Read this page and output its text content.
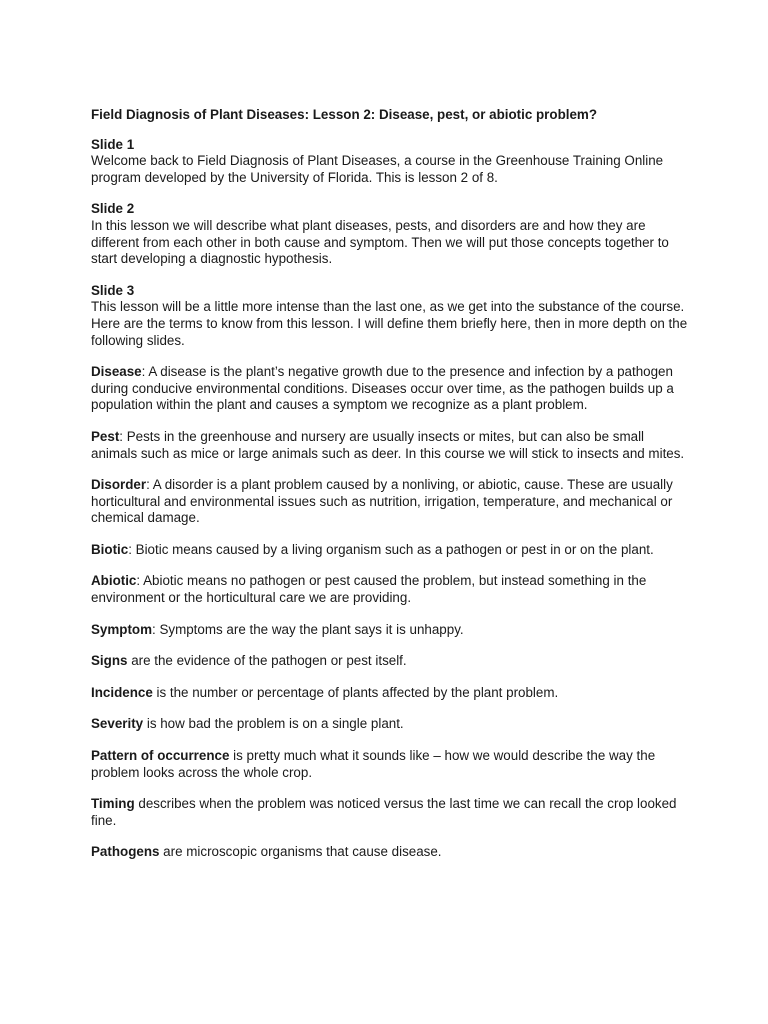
Field Diagnosis of Plant Diseases: Lesson 2: Disease, pest, or abiotic problem?
Slide 1
Welcome back to Field Diagnosis of Plant Diseases, a course in the Greenhouse Training Online program developed by the University of Florida. This is lesson 2 of 8.
Slide 2
In this lesson we will describe what plant diseases, pests, and disorders are and how they are different from each other in both cause and symptom. Then we will put those concepts together to start developing a diagnostic hypothesis.
Slide 3
This lesson will be a little more intense than the last one, as we get into the substance of the course. Here are the terms to know from this lesson. I will define them briefly here, then in more depth on the following slides.
Disease: A disease is the plant’s negative growth due to the presence and infection by a pathogen during conducive environmental conditions. Diseases occur over time, as the pathogen builds up a population within the plant and causes a symptom we recognize as a plant problem.
Pest: Pests in the greenhouse and nursery are usually insects or mites, but can also be small animals such as mice or large animals such as deer. In this course we will stick to insects and mites.
Disorder: A disorder is a plant problem caused by a nonliving, or abiotic, cause. These are usually horticultural and environmental issues such as nutrition, irrigation, temperature, and mechanical or chemical damage.
Biotic: Biotic means caused by a living organism such as a pathogen or pest in or on the plant.
Abiotic: Abiotic means no pathogen or pest caused the problem, but instead something in the environment or the horticultural care we are providing.
Symptom: Symptoms are the way the plant says it is unhappy.
Signs are the evidence of the pathogen or pest itself.
Incidence is the number or percentage of plants affected by the plant problem.
Severity is how bad the problem is on a single plant.
Pattern of occurrence is pretty much what it sounds like – how we would describe the way the problem looks across the whole crop.
Timing describes when the problem was noticed versus the last time we can recall the crop looked fine.
Pathogens are microscopic organisms that cause disease.
